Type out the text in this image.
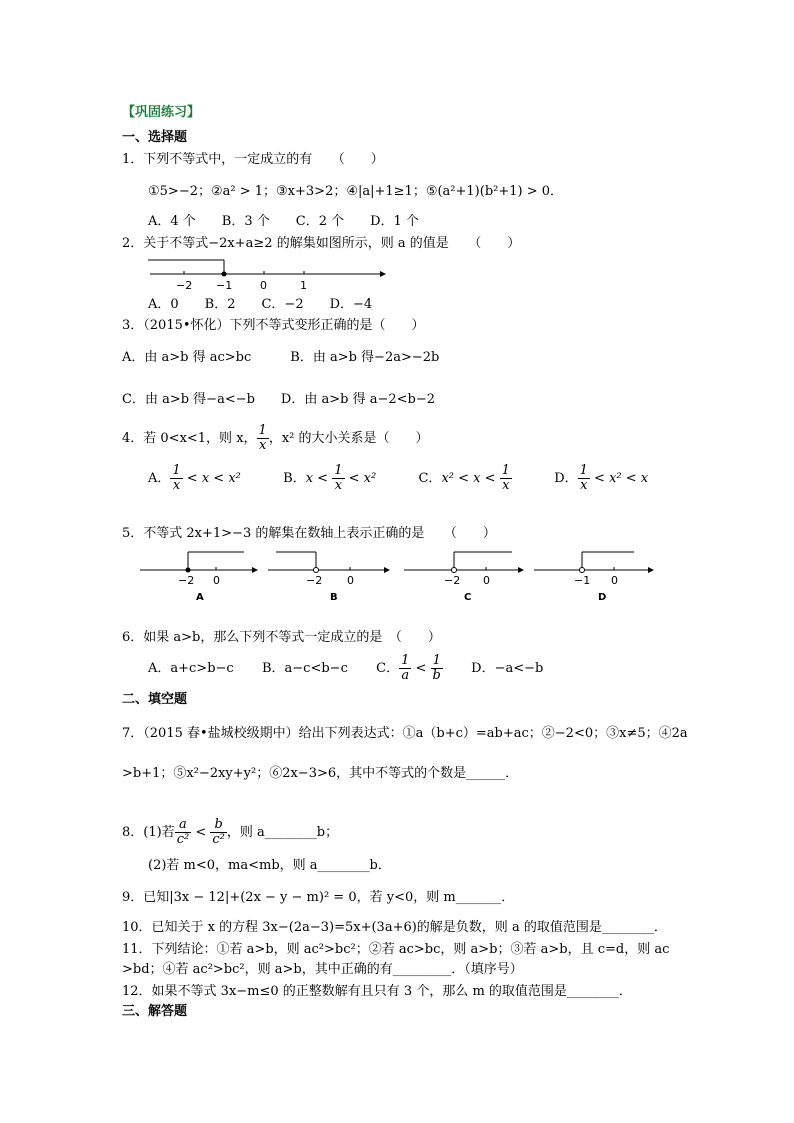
【巩固练习】
一、选择题
1．下列不等式中，一定成立的有　　（　　）
①5>−2；②a² > 1；③x+3>2；④|a|+1≥1；⑤(a²+1)(b²+1) > 0．
A．4 个　　B．3 个　　C．2 个　　D．1 个
2．关于不等式−2x+a≥2 的解集如图所示，则 a 的值是　　（　　）
−2 −1	0	1
A．0　　B．2　　C．−2　　D．−4
3．（2015•怀化）下列不等式变形正确的是（　　）
A．由 a>b 得 ac>bc　　　B．由 a>b 得−2a>−2b
C．由 a>b 得−a<−b　　D．由 a>b 得 a−2<b−2
4．若 0<x<1，则 x， $\frac{1}{x}$ ，x² 的大小关系是（　　）
A． $\frac{1}{x} < x < x^2$	B．$x < \frac{1}{x} < x^2$	C．$x^2 < x < \frac{1}{x}$	D． $\frac{1}{x} < x^2 < x$
5．不等式 2x+1>−3 的解集在数轴上表示正确的是　　（　　）
−2 0
A
−2 0
B
−2 0
C
−1 0
D
6．如果 a>b，那么下列不等式一定成立的是　（　　）
A．a+c>b−c B．a−c<b−c C． $\frac{1}{a} < \frac{1}{b}$ D．−a<−b
二、填空题
7．（2015 春•盐城校级期中）给出下列表达式：①a（b+c）=ab+ac；②−2<0；③x≠5；④2a
>b+1；⑤x²−2xy+y²；⑥2x−3>6，其中不等式的个数是______．
8．(1)若 $\frac{a}{\text{c²}} < \frac{b}{\text{c²}}$ ，则 a________b；
(2)若 m<0，ma<mb，则 a________b．
9．已知|3x − 12|+(2x − y − m)² = 0，若 y<0，则 m_______．
10．已知关于 x 的方程 3x−(2a−3)=5x+(3a+6)的解是负数，则 a 的取值范围是________．
11．下列结论：①若 a>b，则 ac²>bc²；②若 ac>bc，则 a>b；③若 a>b，且 c=d，则 ac
>bd；④若 ac²>bc²，则 a>b，其中正确的有_________．（填序号）
12．如果不等式 3x−m≤0 的正整数解有且只有 3 个，那么 m 的取值范围是________．
三、解答题
